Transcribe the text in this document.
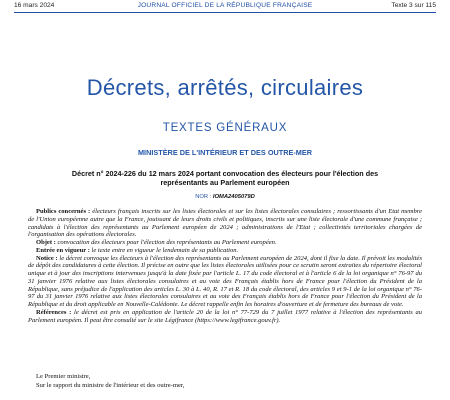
16 mars 2024	JOURNAL OFFICIEL DE LA RÉPUBLIQUE FRANÇAISE	Texte 3 sur 115
Décrets, arrêtés, circulaires
TEXTES GÉNÉRAUX
MINISTÈRE DE L'INTÉRIEUR ET DES OUTRE-MER
Décret n° 2024-226 du 12 mars 2024 portant convocation des électeurs pour l'élection des représentants au Parlement européen
NOR : IOMA2405079D

Publics concernés : électeurs français inscrits sur les listes électorales et sur les listes électorales consulaires ; ressortissants d'un Etat membre de l'Union européenne autre que la France, jouissant de leurs droits civils et politiques, inscrits sur une liste électorale d'une commune française ; candidats à l'élection des représentants au Parlement européen de 2024 ; administrations de l'Etat ; collectivités territoriales chargées de l'organisation des opérations électorales.

Objet : convocation des électeurs pour l'élection des représentants au Parlement européen.

Entrée en vigueur : le texte entre en vigueur le lendemain de sa publication.

Notice : le décret convoque les électeurs à l'élection des représentants au Parlement européen de 2024, dont il fixe la date. Il prévoit les modalités de dépôt des candidatures à cette élection. Il précise en outre que les listes électorales utilisées pour ce scrutin seront extraites du répertoire électoral unique et à jour des inscriptions intervenues jusqu'à la date fixée par l'article L. 17 du code électoral et à l'article 6 de la loi organique n° 76-97 du 31 janvier 1976 relative aux listes électorales consulaires et au vote des Français établis hors de France pour l'élection du Président de la République, sans préjudice de l'application des articles L. 30 à L. 40, R. 17 et R. 18 du code électoral, des articles 9 et 9-1 de la loi organique n° 76-97 du 31 janvier 1976 relative aux listes électorales consulaires et au vote des Français établis hors de France pour l'élection du Président de la République et du droit applicable en Nouvelle-Calédonie. Le décret rappelle enfin les horaires d'ouverture et de fermeture des bureaux de vote.

Références : le décret est pris en application de l'article 20 de la loi n° 77-729 du 7 juillet 1977 relative à l'élection des représentants au Parlement européen. Il peut être consulté sur le site Légifrance (https://www.legifrance.gouv.fr).

Le Premier ministre,

Sur le rapport du ministre de l'intérieur et des outre-mer,
